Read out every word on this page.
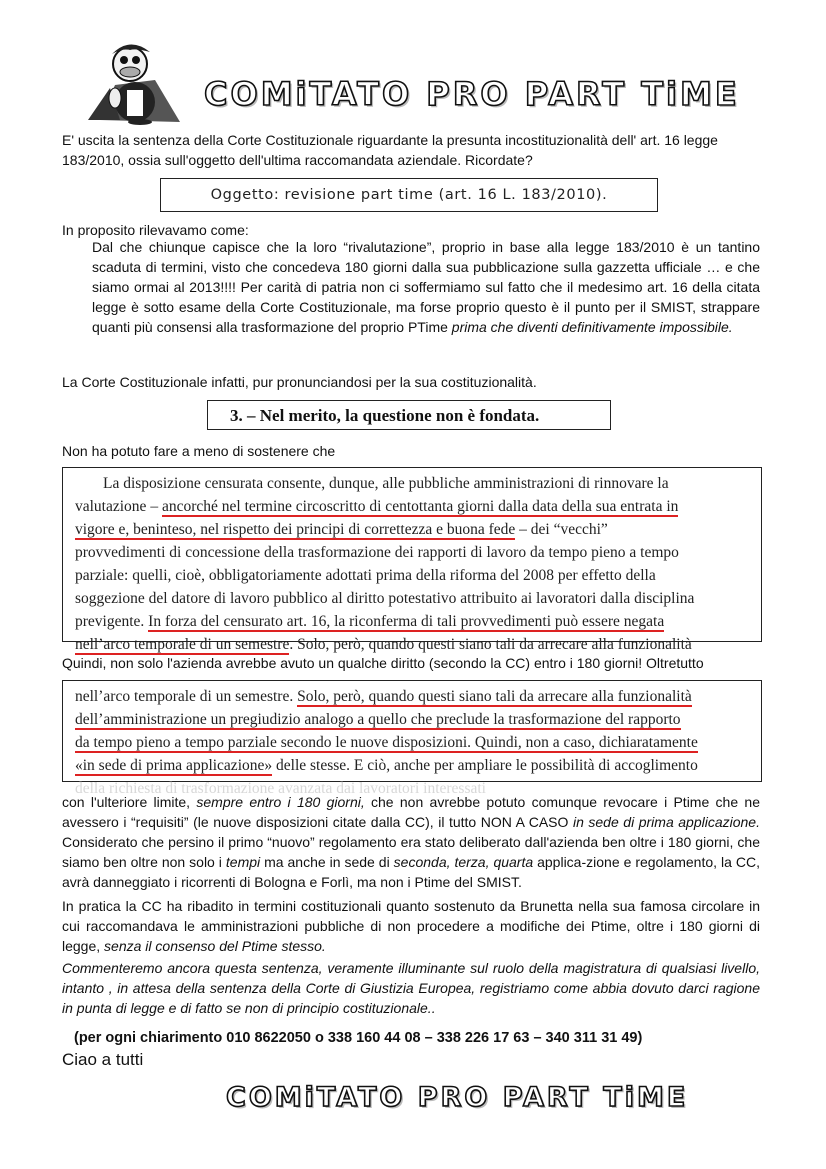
COMiTATO PRO PART TiME

E' uscita la sentenza della Corte Costituzionale riguardante la presunta incostituzionalità dell' art. 16 legge
183/2010, ossia sull'oggetto dell'ultima raccomandata aziendale. Ricordate?

Oggetto: revisione part time (art. 16 L. 183/2010).

In proposito rilevavamo come:

Dal che chiunque capisce che la loro “rivalutazione”, proprio in base alla legge 183/2010 è un tantino scaduta di termini, visto che concedeva 180 giorni dalla sua pubblicazione sulla gazzetta ufficiale … e che siamo ormai al 2013!!!! Per carità di patria non ci soffermiamo sul fatto che il medesimo art. 16 della citata legge è sotto esame della Corte Costituzionale, ma forse proprio questo è il punto per il SMIST, strappare quanti più consensi alla trasformazione del proprio PTime prima che diventi definitivamente impossibile.

La Corte Costituzionale infatti, pur pronunciandosi per la sua costituzionalità.

3. – Nel merito, la questione non è fondata.

Non ha potuto fare a meno di sostenere che

La disposizione censurata consente, dunque, alle pubbliche amministrazioni di rinnovare la
valutazione – ancorché nel termine circoscritto di centottanta giorni dalla data della sua entrata in
vigore e, beninteso, nel rispetto dei principi di correttezza e buona fede – dei “vecchi”
provvedimenti di concessione della trasformazione dei rapporti di lavoro da tempo pieno a tempo
parziale: quelli, cioè, obbligatoriamente adottati prima della riforma del 2008 per effetto della
soggezione del datore di lavoro pubblico al diritto potestativo attribuito ai lavoratori dalla disciplina
previgente. In forza del censurato art. 16, la riconferma di tali provvedimenti può essere negata
nell’arco temporale di un semestre. Solo, però, quando questi siano tali da arrecare alla funzionalità

Quindi, non solo l'azienda avrebbe avuto un qualche diritto (secondo la CC) entro i 180 giorni! Oltretutto

nell’arco temporale di un semestre. Solo, però, quando questi siano tali da arrecare alla funzionalità
dell’amministrazione un pregiudizio analogo a quello che preclude la trasformazione del rapporto
da tempo pieno a tempo parziale secondo le nuove disposizioni. Quindi, non a caso, dichiaratamente
«in sede di prima applicazione» delle stesse. E ciò, anche per ampliare le possibilità di accoglimento
della richiesta di trasformazione avanzata dai lavoratori interessati

con l'ulteriore limite, sempre entro i 180 giorni, che non avrebbe potuto comunque revocare i Ptime che ne avessero i “requisiti” (le nuove disposizioni citate dalla CC), il tutto NON A CASO in sede di prima applicazione. Considerato che persino il primo “nuovo” regolamento era stato deliberato dall'azienda ben oltre i 180 giorni, che siamo ben oltre non solo i tempi ma anche in sede di seconda, terza, quarta applica-zione e regolamento, la CC, avrà danneggiato i ricorrenti di Bologna e Forlì, ma non i Ptime del SMIST.

In pratica la CC ha ribadito in termini costituzionali quanto sostenuto da Brunetta nella sua famosa circolare in cui raccomandava le amministrazioni pubbliche di non procedere a modifiche dei Ptime, oltre i 180 giorni di legge, senza il consenso del Ptime stesso.

Commenteremo ancora questa sentenza, veramente illuminante sul ruolo della magistratura di qualsiasi livello, intanto , in attesa della sentenza della Corte di Giustizia Europea, registriamo come abbia dovuto darci ragione in punta di legge e di fatto se non di principio costituzionale..

(per ogni chiarimento 010 8622050 o 338 160 44 08 – 338 226 17 63 – 340 311 31 49)
Ciao a tutti
COMiTATO PRO PART TiME
